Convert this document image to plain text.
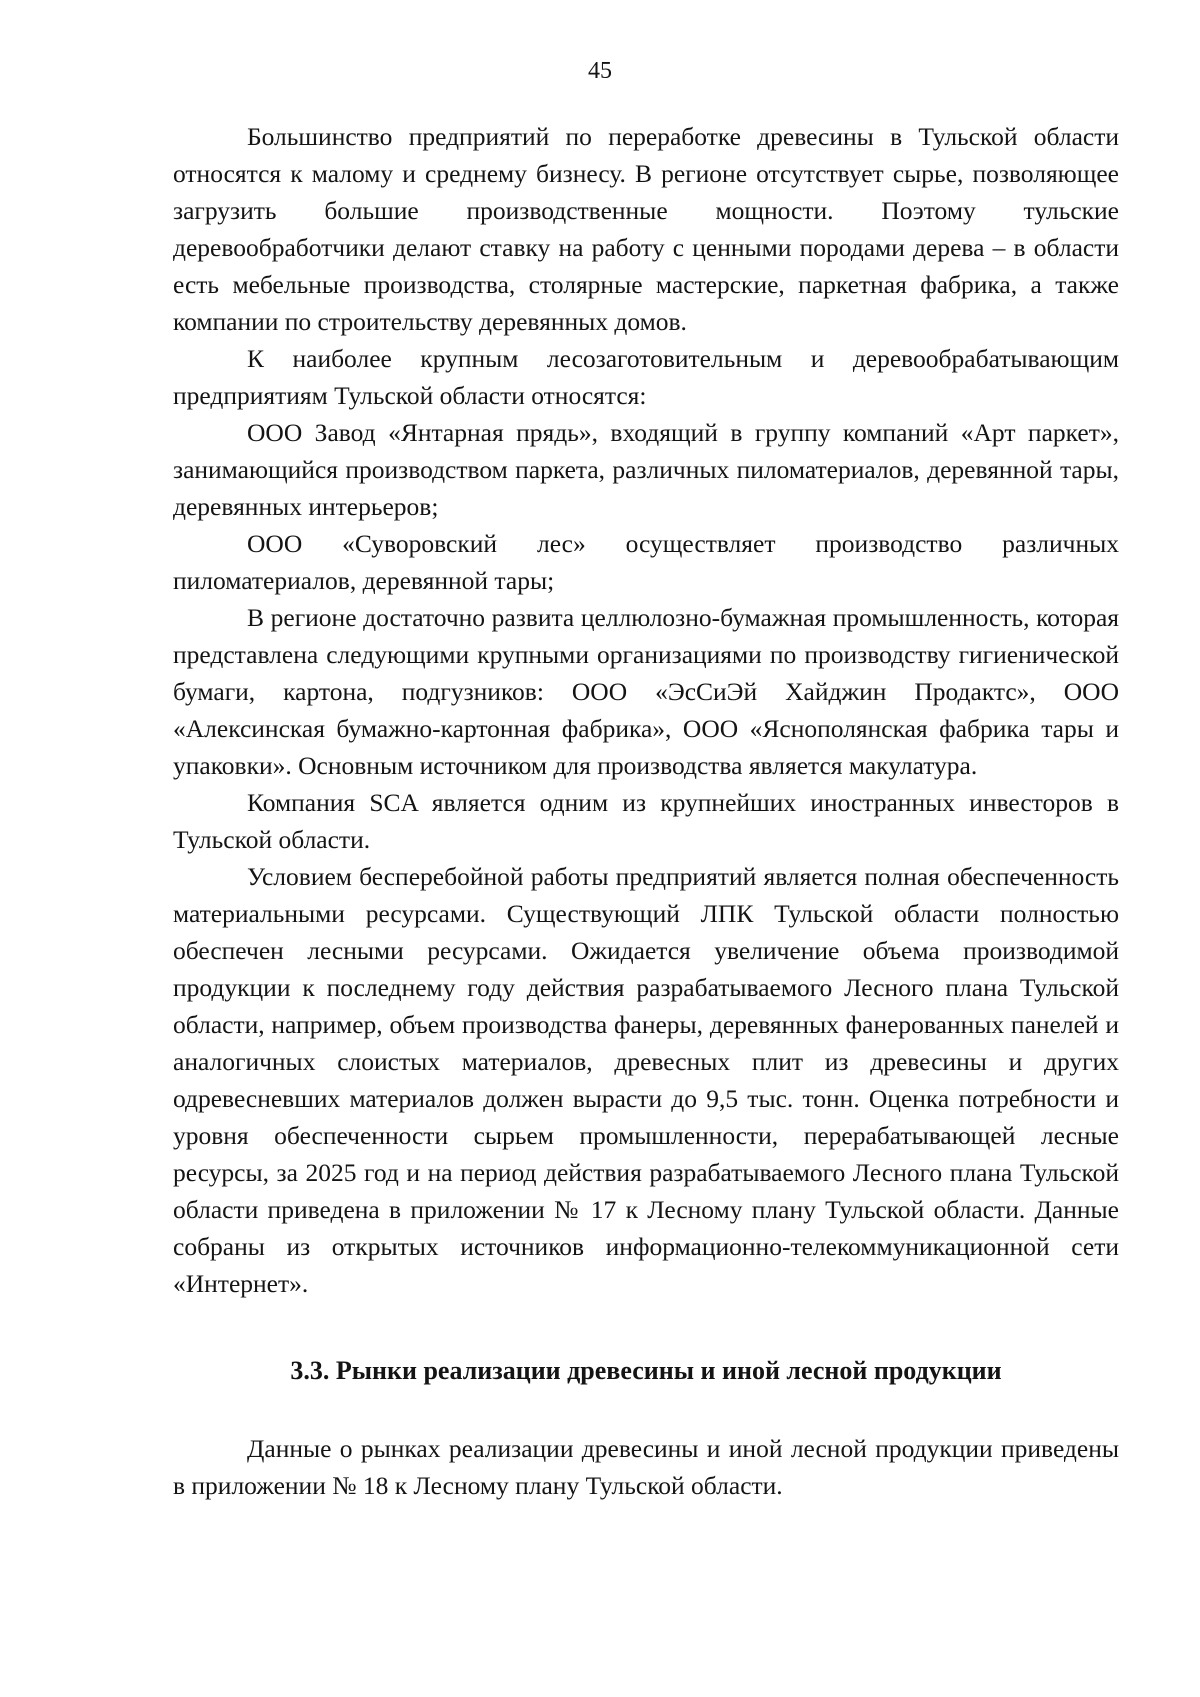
45

Большинство предприятий по переработке древесины в Тульской области относятся к малому и среднему бизнесу. В регионе отсутствует сырье, позволяющее загрузить большие производственные мощности. Поэтому тульские деревообработчики делают ставку на работу с ценными породами дерева – в области есть мебельные производства, столярные мастерские, паркетная фабрика, а также компании по строительству деревянных домов.

К наиболее крупным лесозаготовительным и деревообрабатывающим предприятиям Тульской области относятся:

ООО Завод «Янтарная прядь», входящий в группу компаний «Арт паркет», занимающийся производством паркета, различных пиломатериалов, деревянной тары, деревянных интерьеров;

ООО «Суворовский лес» осуществляет производство различных пиломатериалов, деревянной тары;

В регионе достаточно развита целлюлозно-бумажная промышленность, которая представлена следующими крупными организациями по производству гигиенической бумаги, картона, подгузников: ООО «ЭсСиЭй Хайджин Продактс», ООО «Алексинская бумажно-картонная фабрика», ООО «Яснополянская фабрика тары и упаковки». Основным источником для производства является макулатура.

Компания SCA является одним из крупнейших иностранных инвесторов в Тульской области.

Условием бесперебойной работы предприятий является полная обеспеченность материальными ресурсами. Существующий ЛПК Тульской области полностью обеспечен лесными ресурсами. Ожидается увеличение объема производимой продукции к последнему году действия разрабатываемого Лесного плана Тульской области, например, объем производства фанеры, деревянных фанерованных панелей и аналогичных слоистых материалов, древесных плит из древесины и других одревесневших материалов должен вырасти до 9,5 тыс. тонн. Оценка потребности и уровня обеспеченности сырьем промышленности, перерабатывающей лесные ресурсы, за 2025 год и на период действия разрабатываемого Лесного плана Тульской области приведена в приложении № 17 к Лесному плану Тульской области. Данные собраны из открытых источников информационно-телекоммуникационной сети «Интернет».

3.3. Рынки реализации древесины и иной лесной продукции

Данные о рынках реализации древесины и иной лесной продукции приведены в приложении № 18 к Лесному плану Тульской области.
